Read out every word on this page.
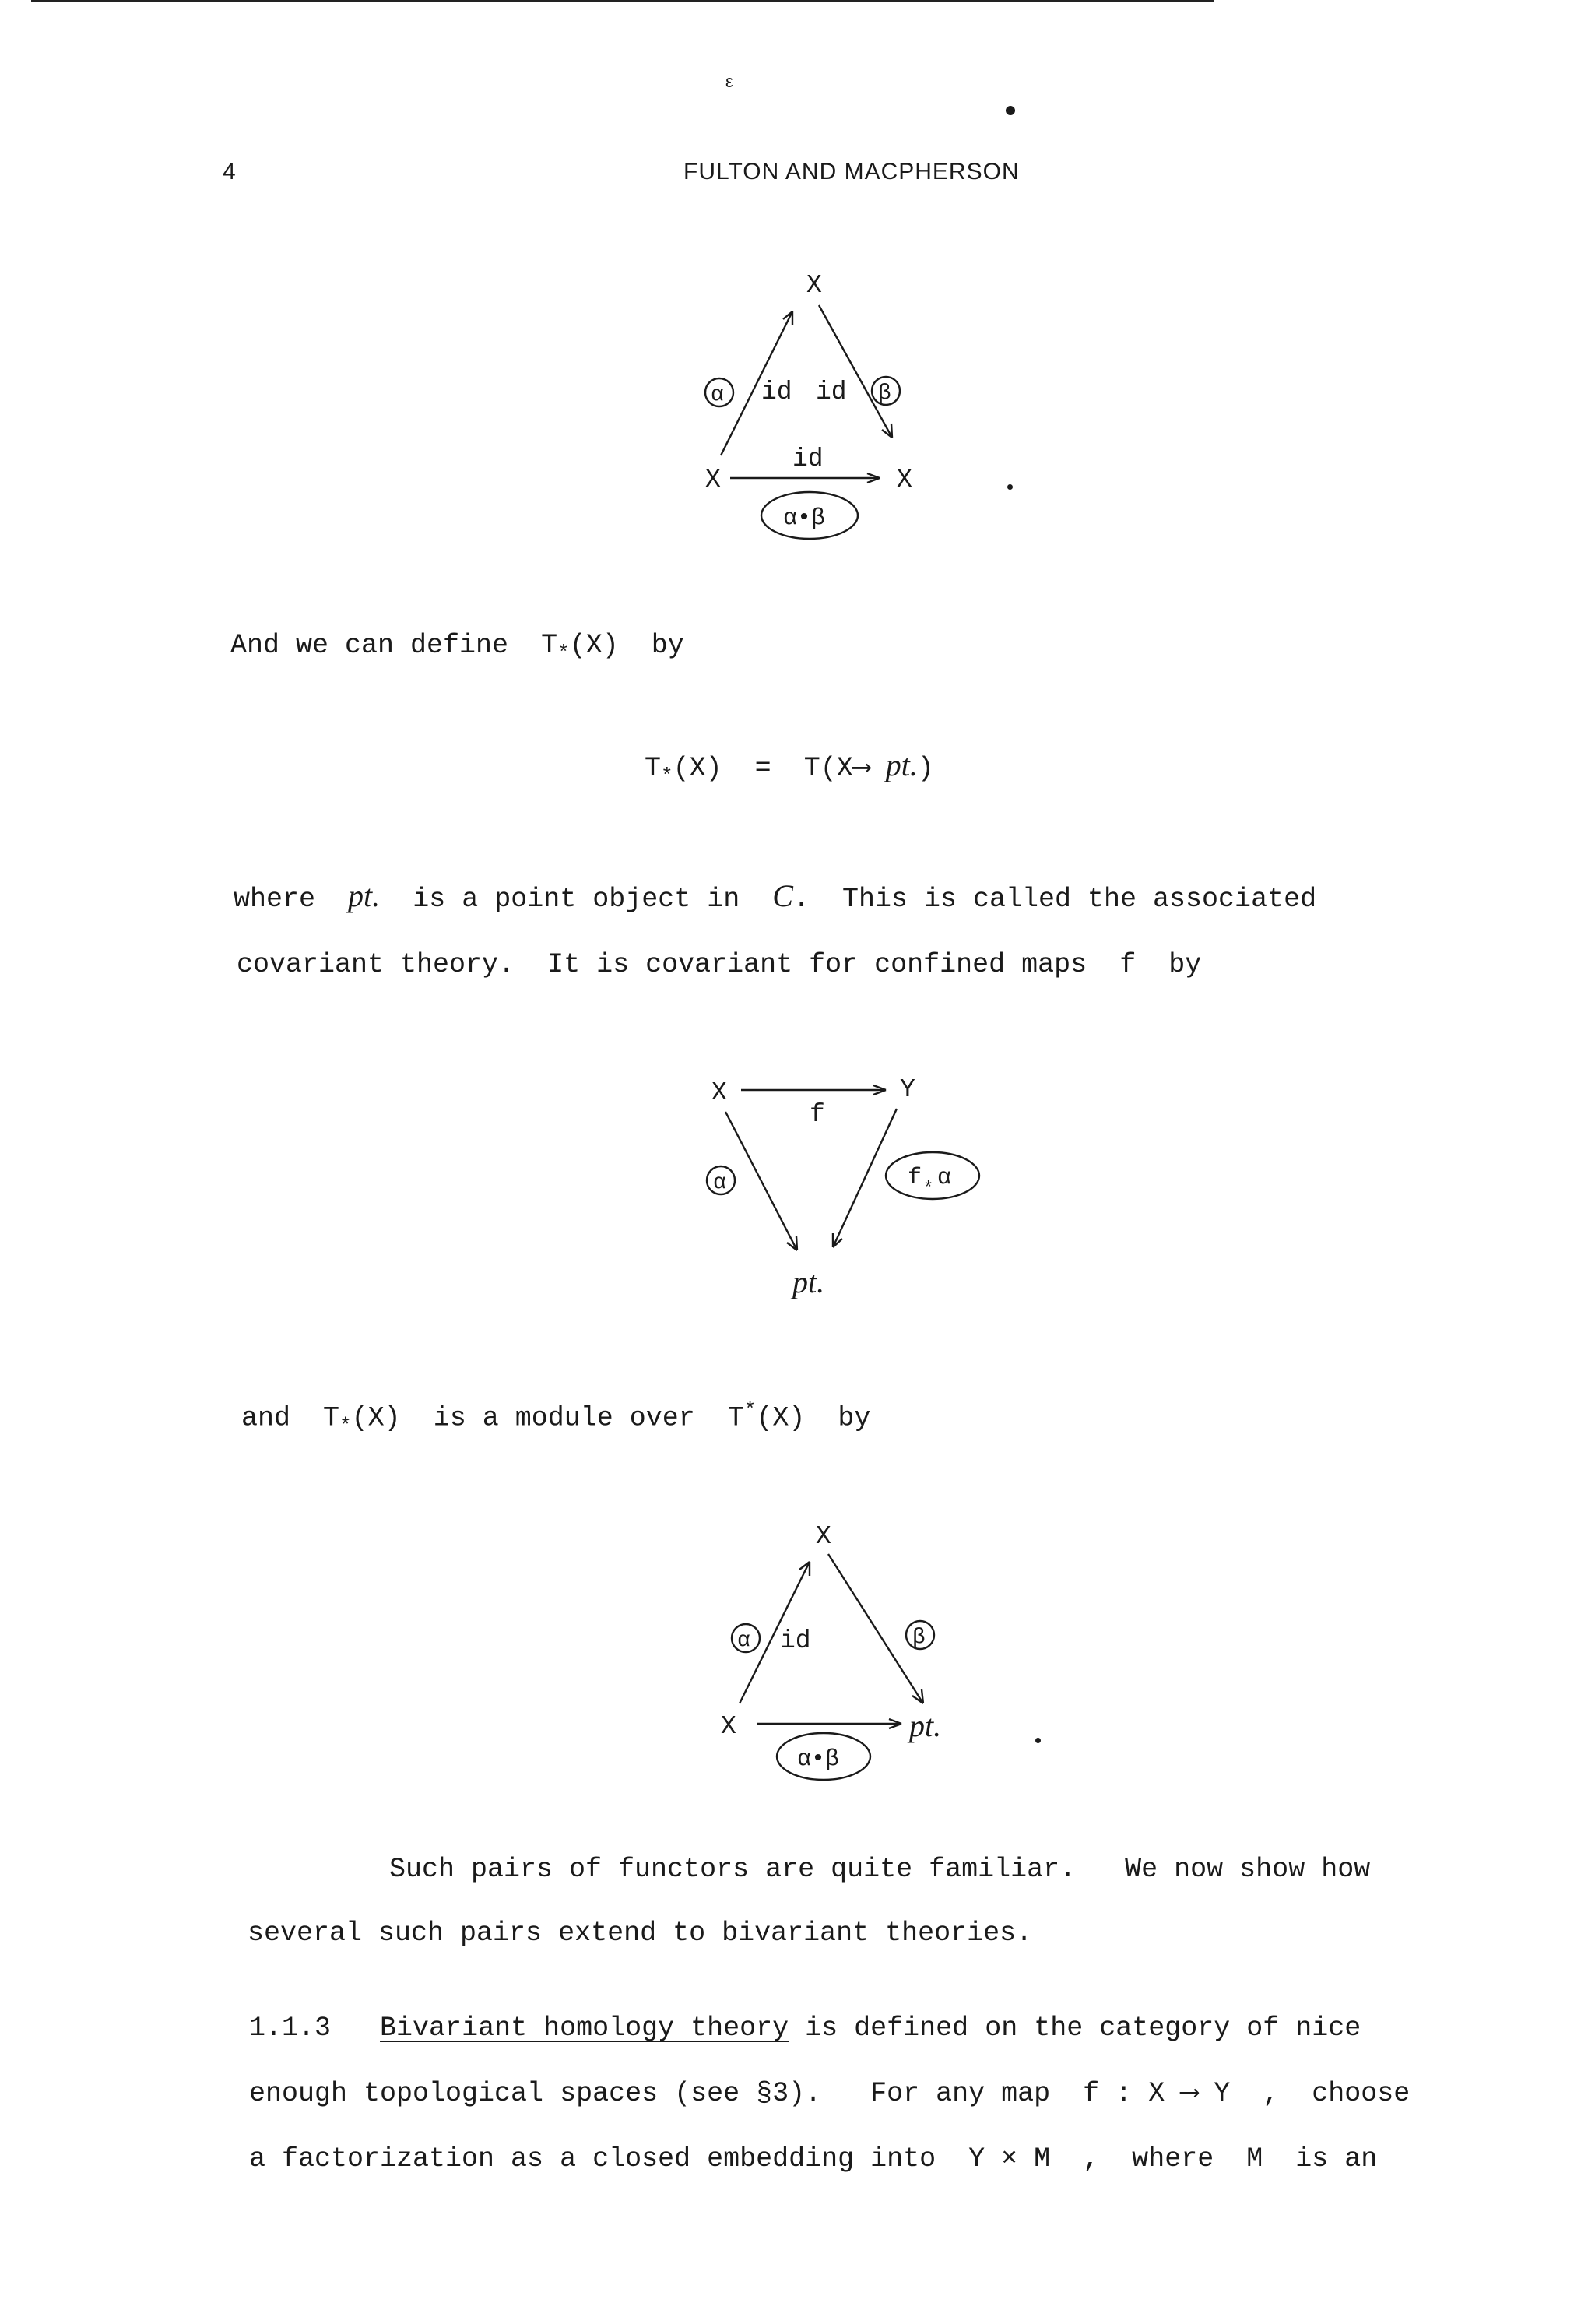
ε
4	FULTON AND MACPHERSON
X
X	X
id id
id
α	β
α•β
And we can define $T_*(X)$ by
$T_*(X)$ = T(X⟶ pt.)
where pt. is a point object in C.  This is called the associated
covariant theory.  It is covariant for confined maps f by
X	Y
f
α	f * α
pt.
and $T_*(X)$ is a module over T*(X) by
X
X	pt.
id
α	β
α•β
Such pairs of functors are quite familiar.   We now show how
several such pairs extend to bivariant theories.
1.1.3 Bivariant homology theory is defined on the category of nice
enough topological spaces (see §3).   For any map  f : X ⟶ Y  ,  choose
a factorization as a closed embedding into  Y × M  ,  where  M  is an
